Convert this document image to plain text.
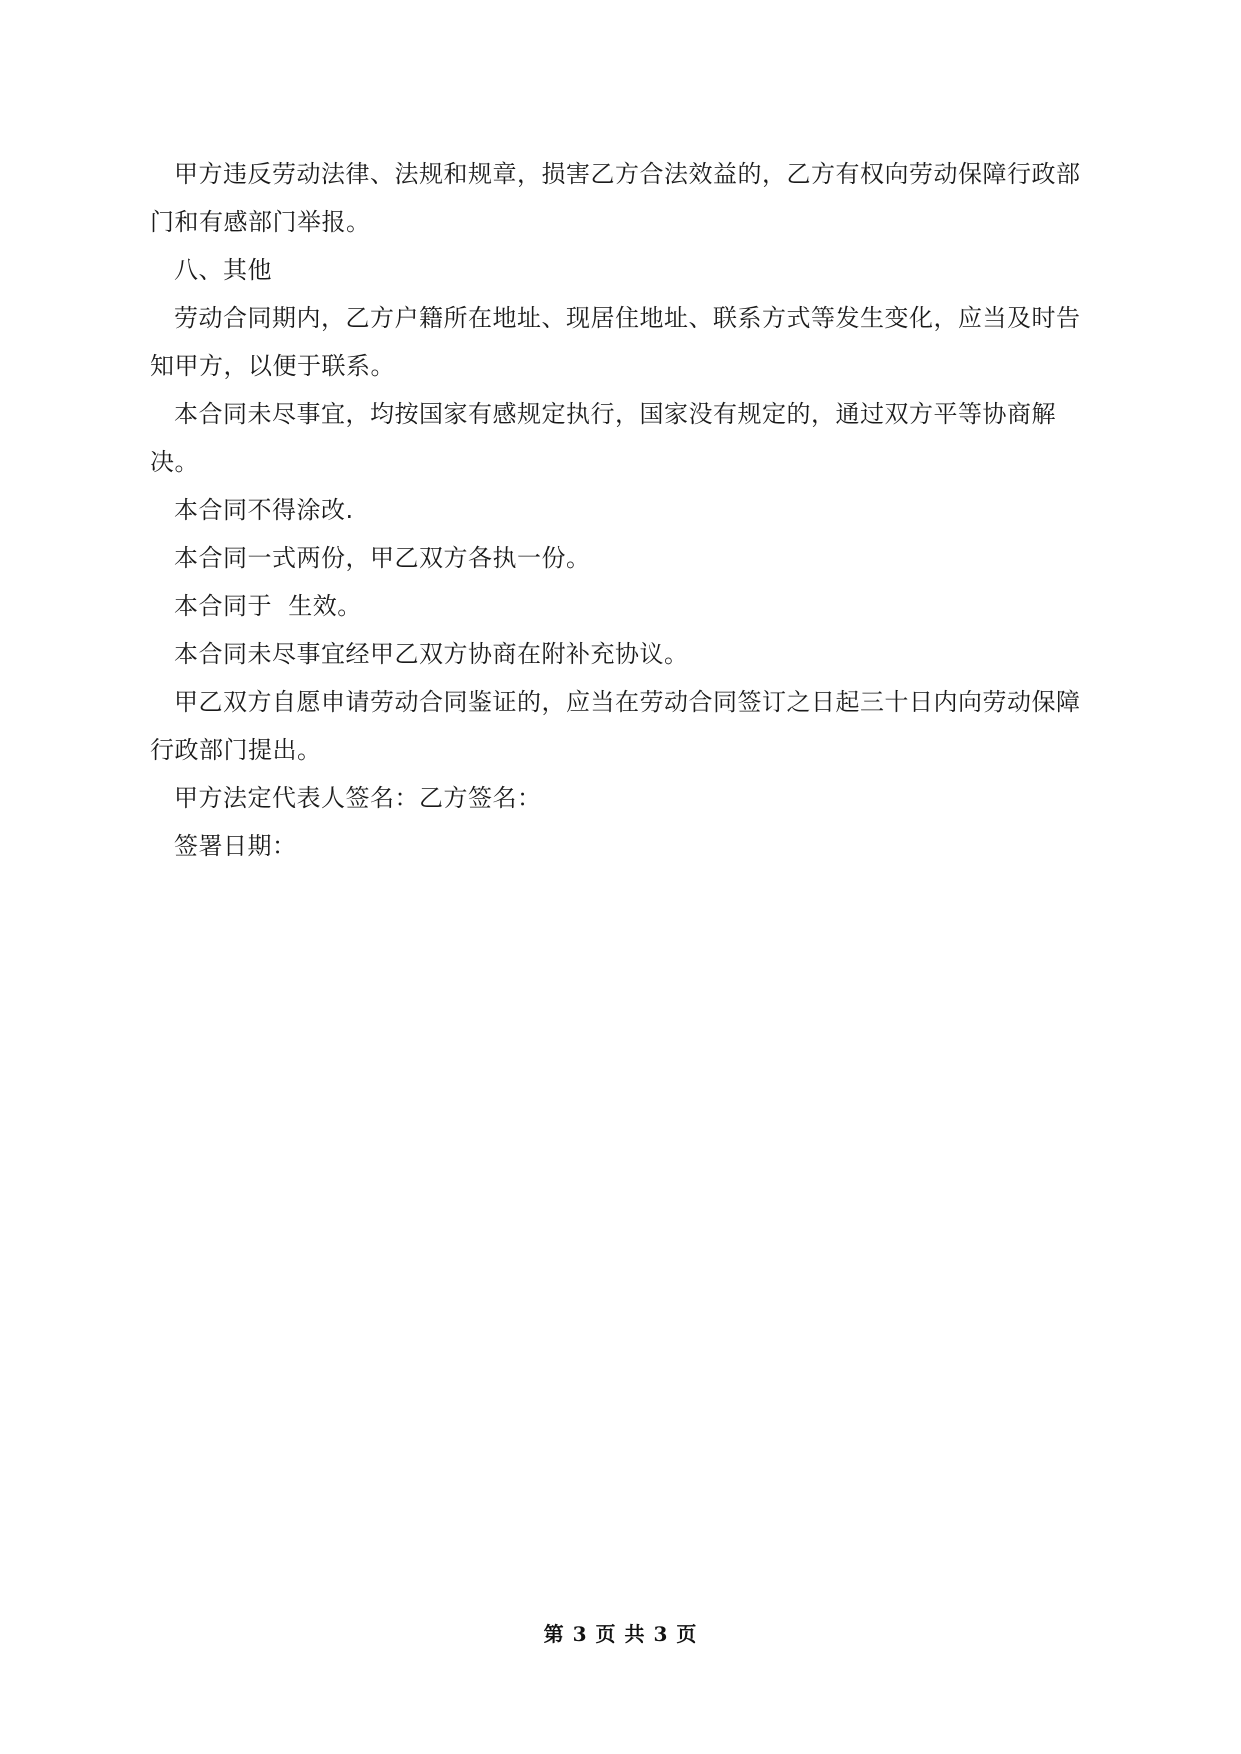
甲方违反劳动法律、法规和规章，损害乙方合法效益的，乙方有权向劳动保障行政部门和有感部门举报。

八、其他

劳动合同期内，乙方户籍所在地址、现居住地址、联系方式等发生变化，应当及时告知甲方，以便于联系。

本合同未尽事宜，均按国家有感规定执行，国家没有规定的，通过双方平等协商解决。

本合同不得涂改.

本合同一式两份，甲乙双方各执一份。

本合同于  生效。

本合同未尽事宜经甲乙双方协商在附补充协议。

甲乙双方自愿申请劳动合同鉴证的，应当在劳动合同签订之日起三十日内向劳动保障行政部门提出。

甲方法定代表人签名：乙方签名：

签署日期：

第 3 页 共 3 页
